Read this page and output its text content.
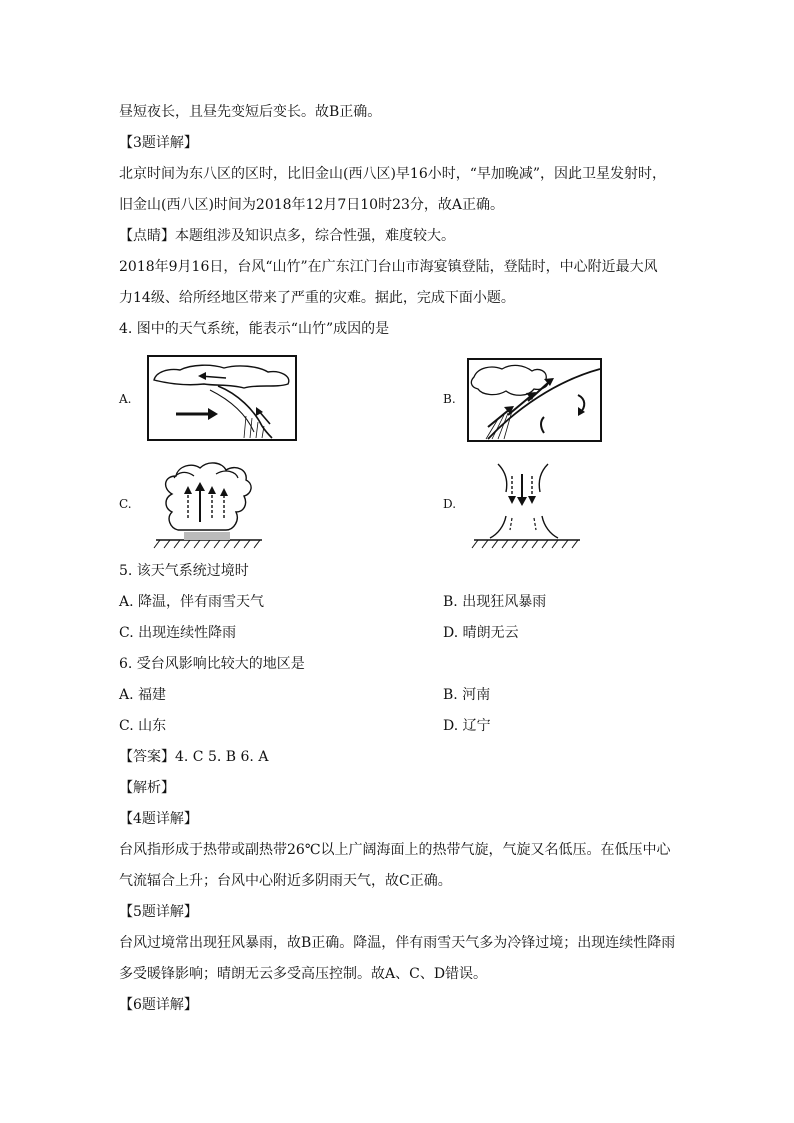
昼短夜长，且昼先变短后变长。故B正确。
【3题详解】
北京时间为东八区的区时，比旧金山(西八区)早16小时，“早加晚减”，因此卫星发射时，
旧金山(西八区)时间为2018年12月7日10时23分，故A正确。
【点睛】本题组涉及知识点多，综合性强，难度较大。
2018年9月16日，台风“山竹”在广东江门台山市海宴镇登陆，登陆时，中心附近最大风
力14级、给所经地区带来了严重的灾难。据此，完成下面小题。
4. 图中的天气系统，能表示“山竹”成因的是
A.	B.
C.	D.
5. 该天气系统过境时
A. 降温，伴有雨雪天气	B. 出现狂风暴雨
C. 出现连续性降雨	D. 晴朗无云
6. 受台风影响比较大的地区是
A. 福建	B. 河南
C. 山东	D. 辽宁
【答案】4. C 5. B 6. A
【解析】
【4题详解】
台风指形成于热带或副热带26℃以上广阔海面上的热带气旋，气旋又名低压。在低压中心
气流辐合上升；台风中心附近多阴雨天气，故C正确。
【5题详解】
台风过境常出现狂风暴雨，故B正确。降温，伴有雨雪天气多为冷锋过境；出现连续性降雨
多受暖锋影响；晴朗无云多受高压控制。故A、C、D错误。
【6题详解】
